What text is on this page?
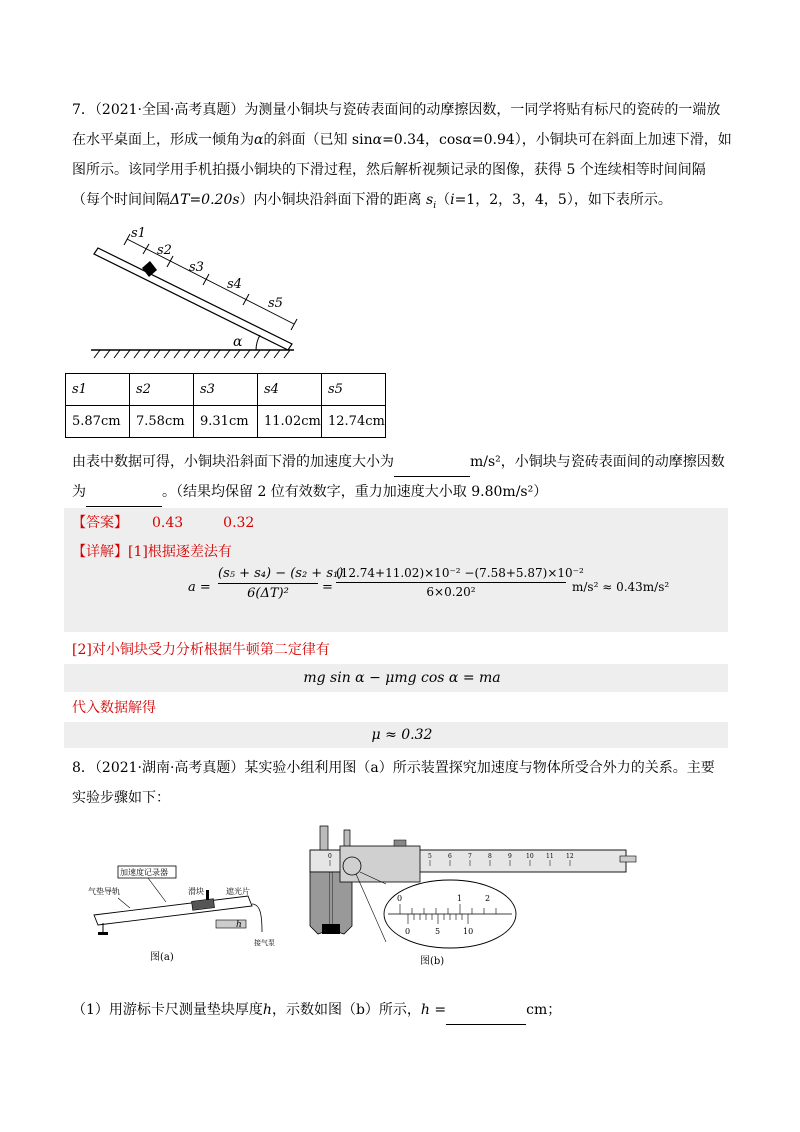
7．（2021·全国·高考真题）为测量小铜块与瓷砖表面间的动摩擦因数，一同学将贴有标尺的瓷砖的一端放
在水平桌面上，形成一倾角为α的斜面（已知 sinα=0.34，cosα=0.94），小铜块可在斜面上加速下滑，如
图所示。该同学用手机拍摄小铜块的下滑过程，然后解析视频记录的图像，获得 5 个连续相等时间间隔
（每个时间间隔ΔT=0.20s）内小铜块沿斜面下滑的距离 $s_i(i=1$，2，3，4，5），如下表所示。
s1
s2
s3
s4
s5
α
s1	s2	s3	s4	s5
5.87cm	7.58cm	9.31cm	11.02cm	12.74cm
由表中数据可得，小铜块沿斜面下滑的加速度大小为	m/s²，小铜块与瓷砖表面间的动摩擦因数
为	。（结果均保留 2 位有效数字，重力加速度大小取 9.80m/s²）
【答案】 0.43	0.32
【详解】[1]根据逐差法有
a =
(s₅ + s₄) − (s₂ + s₁)
6(ΔT)²	=
(12.74+11.02)×10⁻² −(7.58+5.87)×10⁻²
6×0.20²	m/s² ≈ 0.43m/s²
[2]对小铜块受力分析根据牛顿第二定律有
mg sin α − μmg cos α = ma
代入数据解得
μ ≈ 0.32
8．（2021·湖南·高考真题）某实验小组利用图（a）所示装置探究加速度与物体所受合外力的关系。主要
实验步骤如下：
加速度记录器
气垫导轨	滑块	遮光片
h
接气泵
图(a)
0	5	6	7	8	9 10 11 12
0	1	2
0	5	10
图(b)
（1）用游标卡尺测量垫块厚度h，示数如图（b）所示，h =	cm；
